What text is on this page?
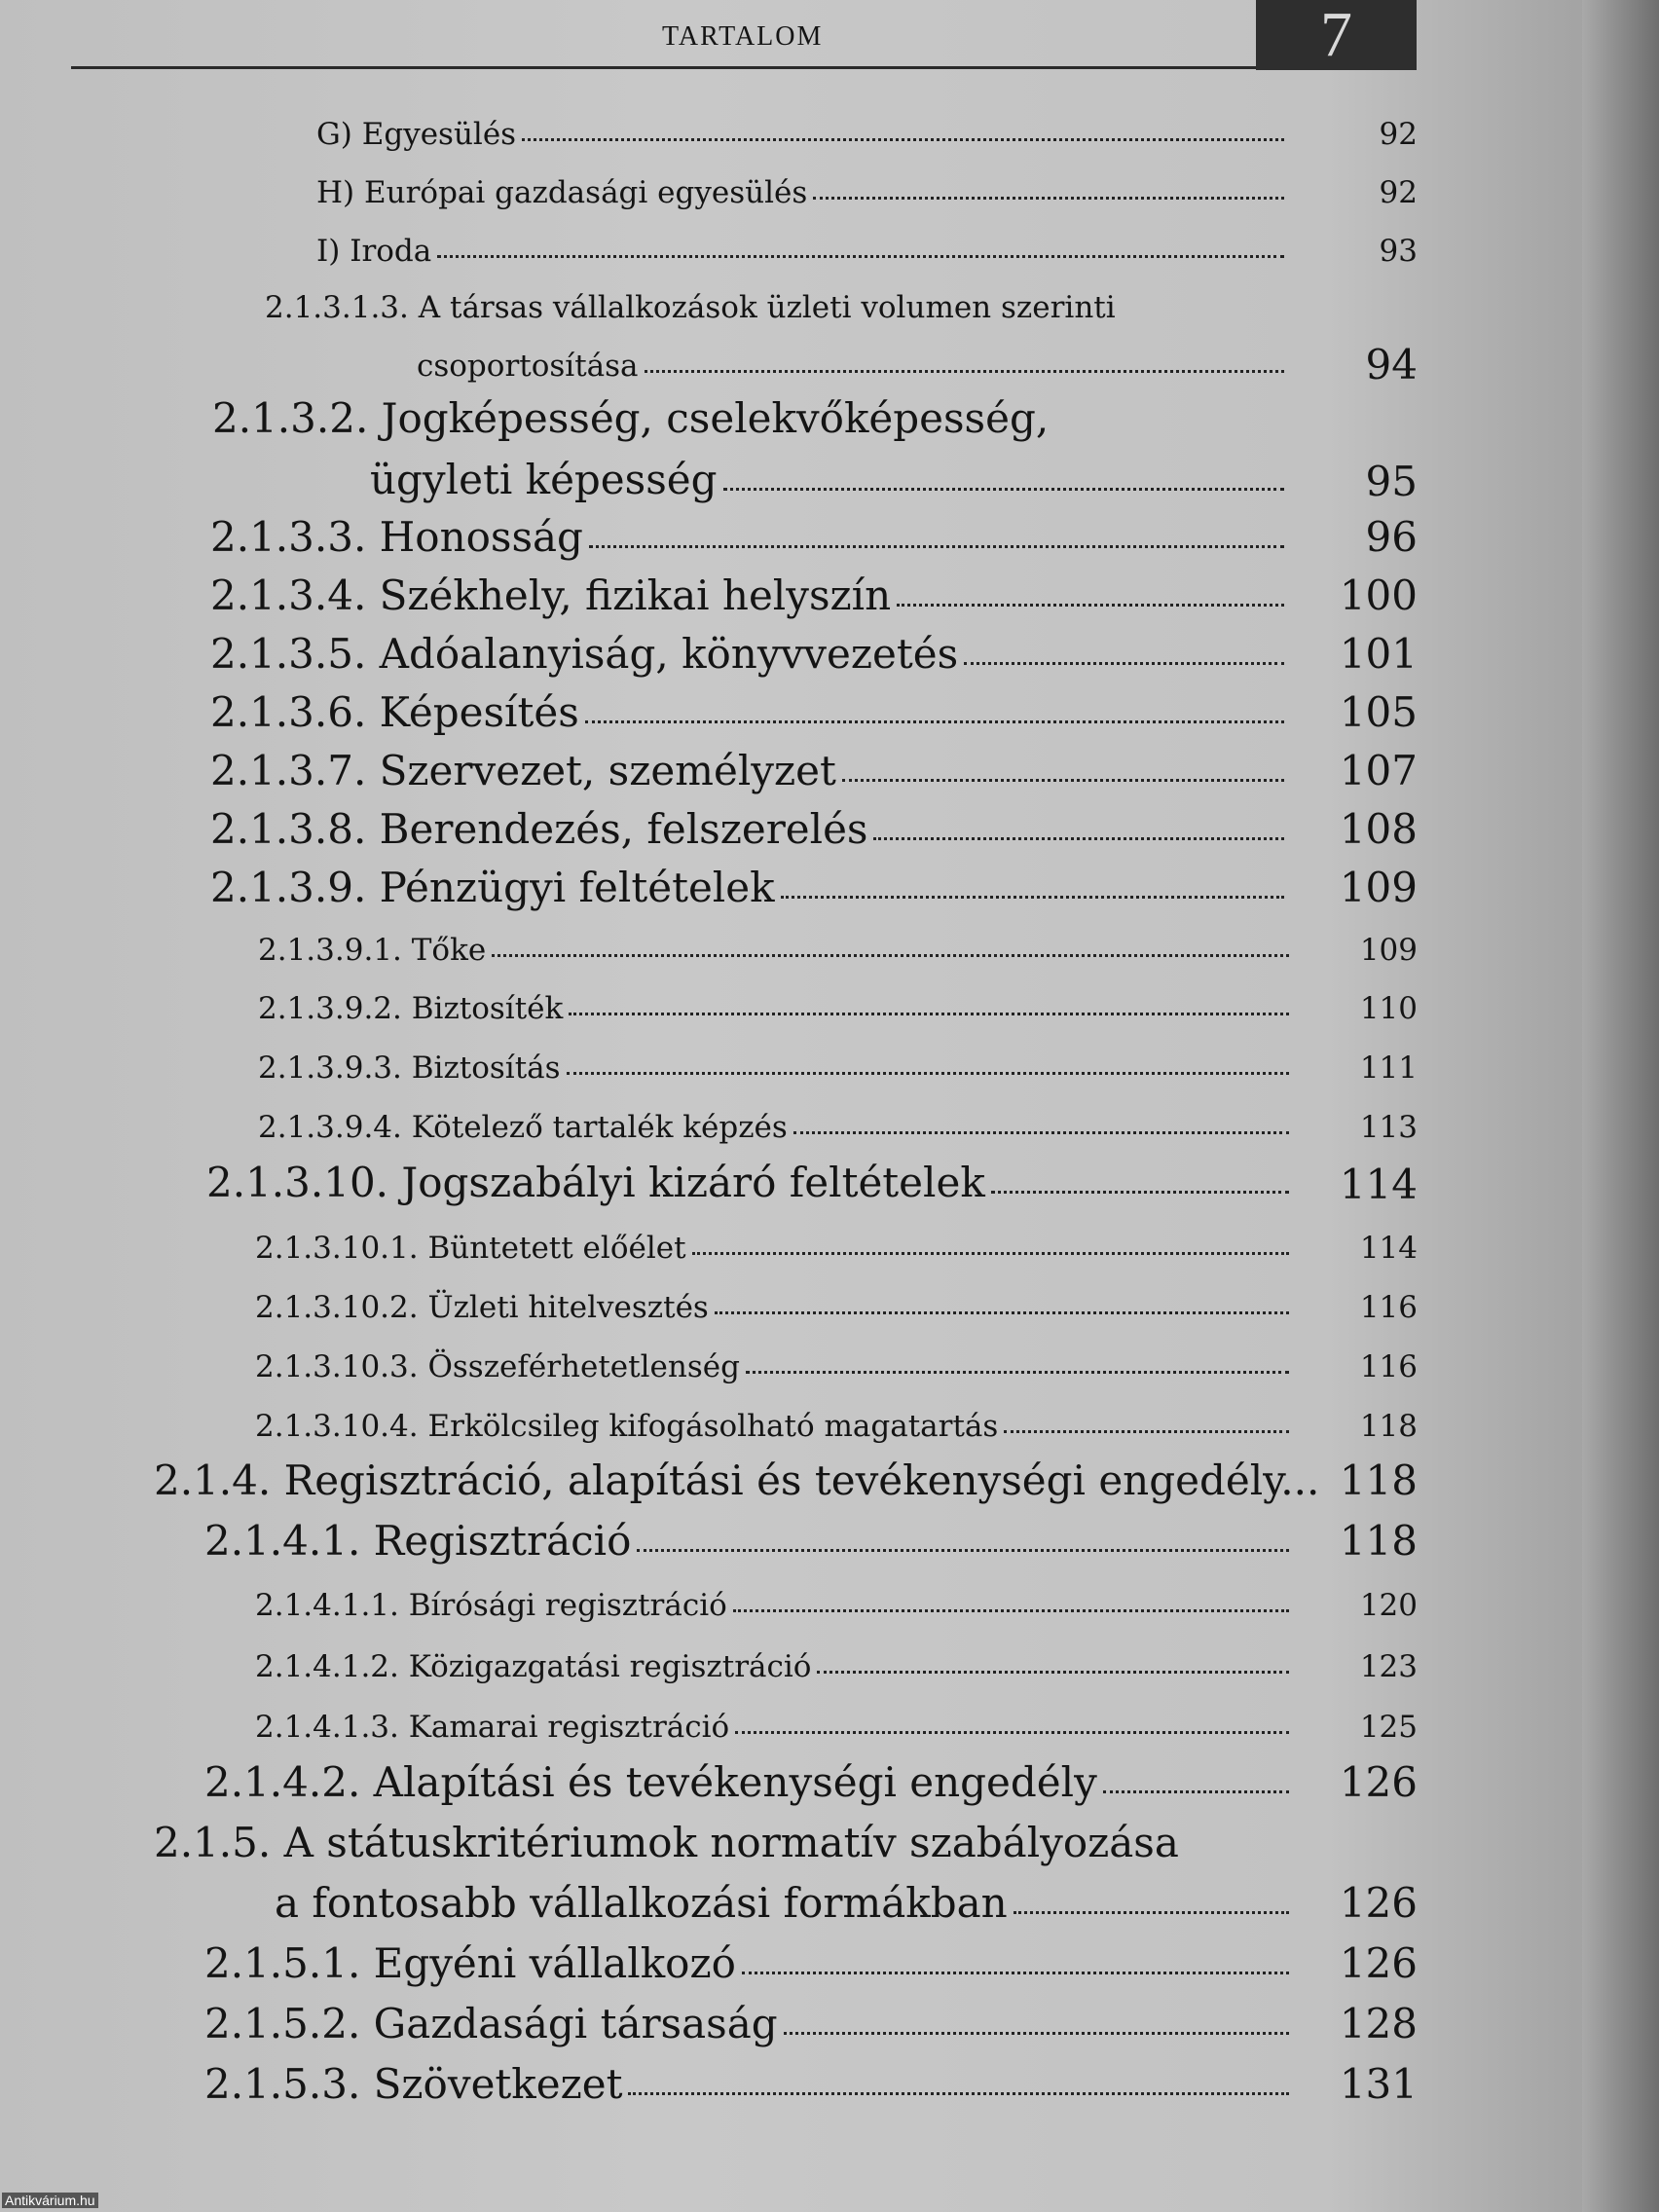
TARTALOM	7
G) Egyesülés	92
H) Európai gazdasági egyesülés	92
I) Iroda	93
2.1.3.1.3. A társas vállalkozások üzleti volumen szerinti
csoportosítása	94
2.1.3.2. Jogképesség, cselekvőképesség,
ügyleti képesség	95
2.1.3.3. Honosság	96
2.1.3.4. Székhely, fizikai helyszín	100
2.1.3.5. Adóalanyiság, könyvvezetés	101
2.1.3.6. Képesítés	105
2.1.3.7. Szervezet, személyzet	107
2.1.3.8. Berendezés, felszerelés	108
2.1.3.9. Pénzügyi feltételek	109
2.1.3.9.1. Tőke	109
2.1.3.9.2. Biztosíték	110
2.1.3.9.3. Biztosítás	111
2.1.3.9.4. Kötelező tartalék képzés	113
2.1.3.10. Jogszabályi kizáró feltételek	114
2.1.3.10.1. Büntetett előélet	114
2.1.3.10.2. Üzleti hitelvesztés	116
2.1.3.10.3. Összeférhetetlenség	116
2.1.3.10.4. Erkölcsileg kifogásolható magatartás	118
2.1.4. Regisztráció, alapítási és tevékenységi engedély... 118
2.1.4.1. Regisztráció	118
2.1.4.1.1. Bírósági regisztráció	120
2.1.4.1.2. Közigazgatási regisztráció	123
2.1.4.1.3. Kamarai regisztráció	125
2.1.4.2. Alapítási és tevékenységi engedély	126
2.1.5. A státuskritériumok normatív szabályozása
a fontosabb vállalkozási formákban	126
2.1.5.1. Egyéni vállalkozó	126
2.1.5.2. Gazdasági társaság	128
2.1.5.3. Szövetkezet	131
Antikvárium.hu
